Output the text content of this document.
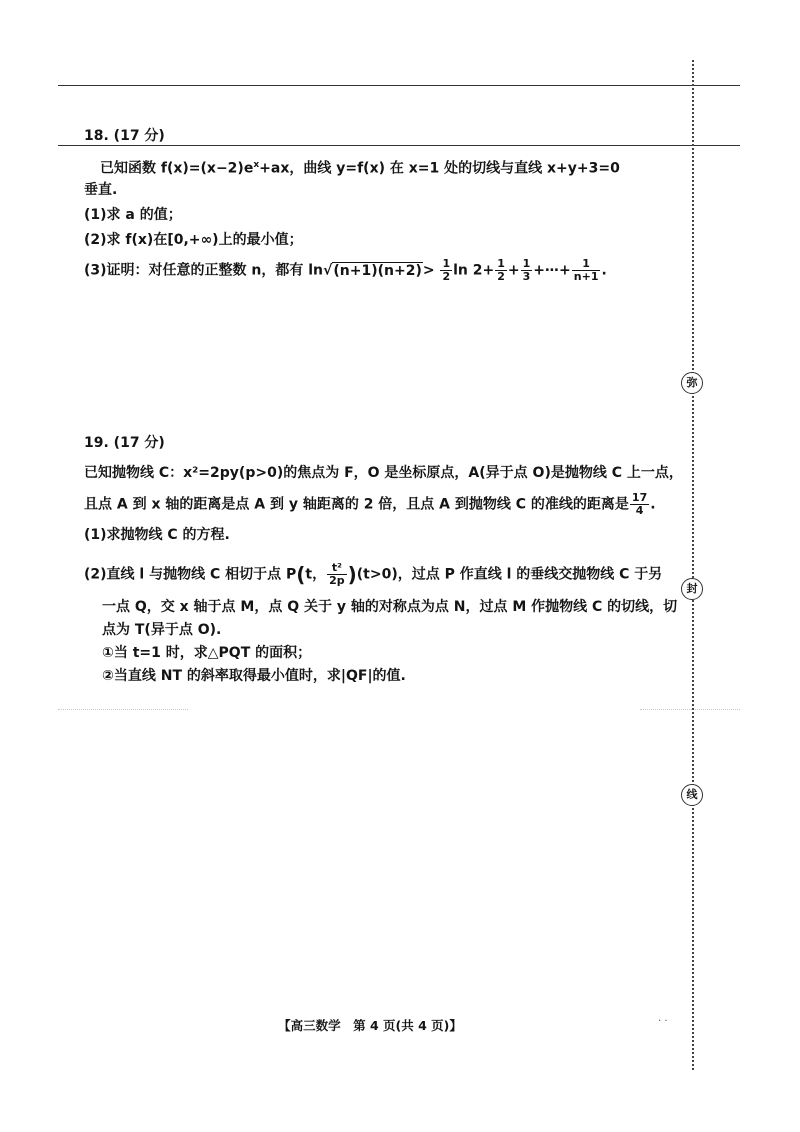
弥
封
线
18. (17 分)
已知函数 $f(x)=(x-2)e^x+ax$，曲线 y=f(x) 在 x=1 处的切线与直线 x+y+3=0
垂直.
(1)求 a 的值；
(2)求 f(x)在[0,+∞)上的最小值；
(3)证明：对任意的正整数 n，都有 $\ln√(n+1)(n+2)> \frac{1}{2}$ $\ln 2+ \frac{1}{2} + \frac{1}{3}$ +⋯+ $\frac{1}{n+1}$ .
19. (17 分)
已知抛物线 C：x²=2py(p>0)的焦点为 F，O 是坐标原点，A(异于点 O)是抛物线 C 上一点，
且点 A 到 x 轴的距离是点 A 到 y 轴距离的 2 倍，且点 A 到抛物线 C 的准线的距离是 $\frac{17}{4}$ .
(1)求抛物线 C 的方程.
(2)直线 l 与抛物线 C 相切于点 P(t， $\frac{\text{t²}}{2p} )(t>0)$，过点 P 作直线 l 的垂线交抛物线 C 于另
一点 Q，交 x 轴于点 M，点 Q 关于 y 轴的对称点为点 N，过点 M 作抛物线 C 的切线，切
点为 T(异于点 O).
①当 t=1 时，求△PQT 的面积；
②当直线 NT 的斜率取得最小值时，求|QF|的值.
【高三数学　第 4 页(共 4 页)】	· ·
